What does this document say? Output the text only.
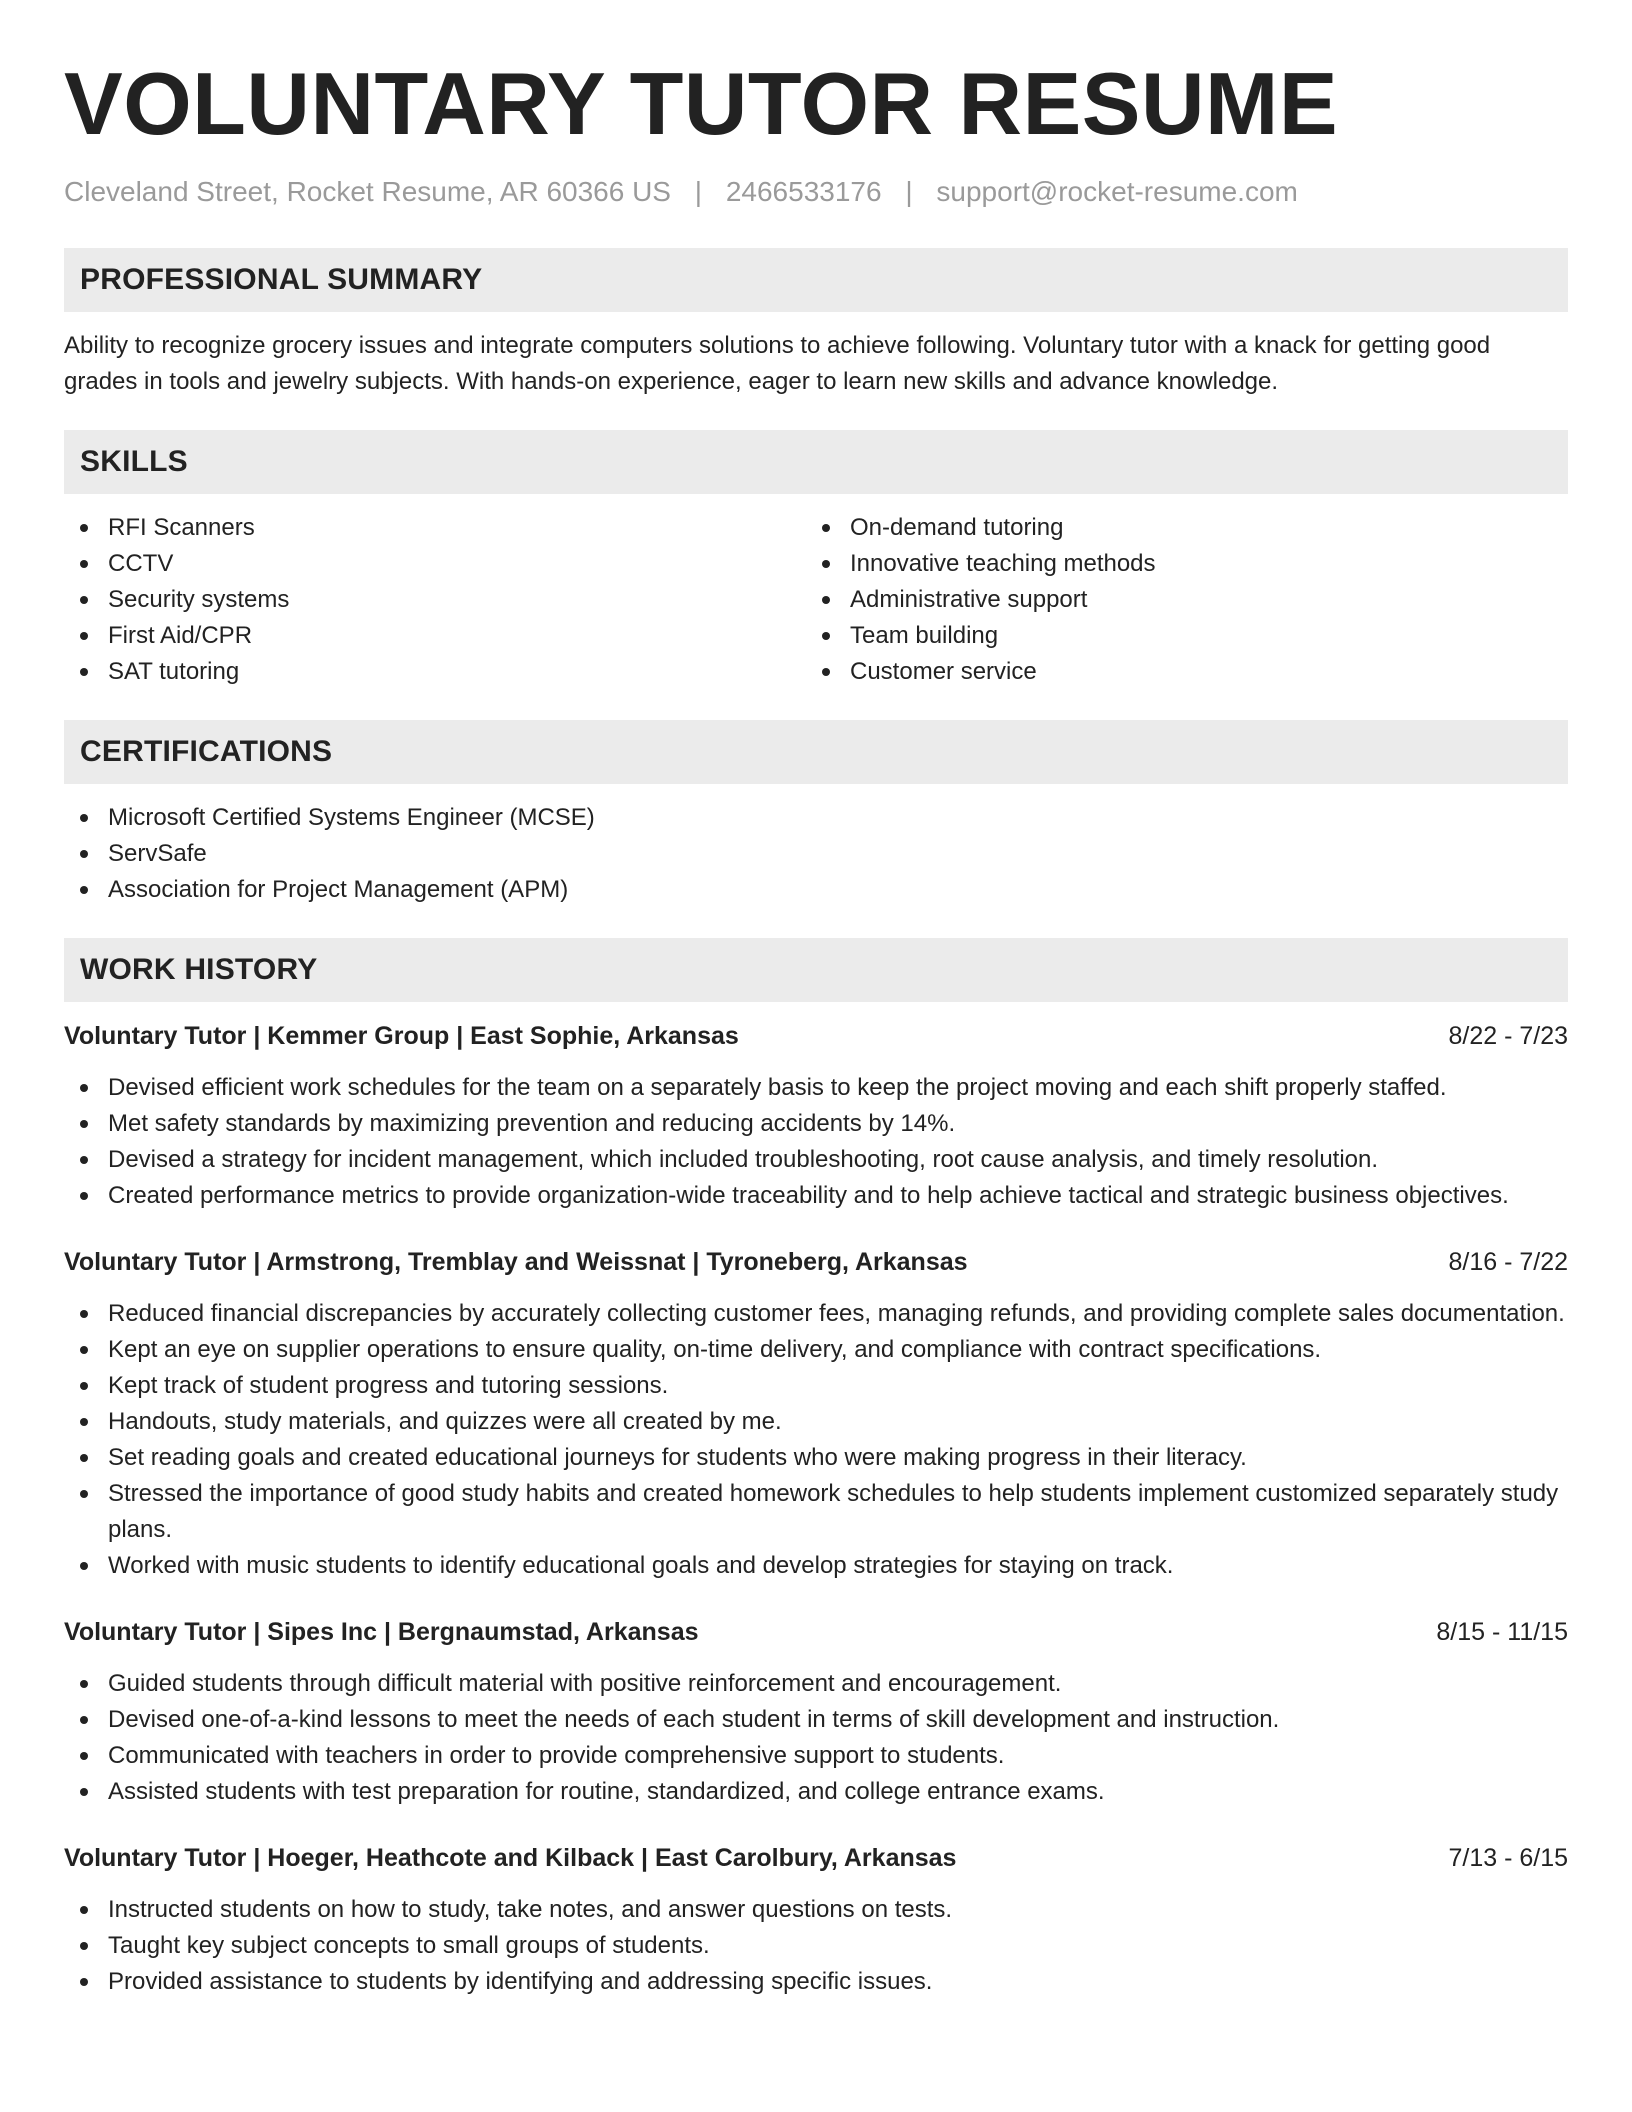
VOLUNTARY TUTOR RESUME
Cleveland Street, Rocket Resume, AR 60366 US | 2466533176 | support@rocket-resume.com
PROFESSIONAL SUMMARY

Ability to recognize grocery issues and integrate computers solutions to achieve following. Voluntary tutor with a knack for getting good grades in tools and jewelry subjects. With hands-on experience, eager to learn new skills and advance knowledge.

SKILLS
RFI Scanners
CCTV
Security systems
First Aid/CPR
SAT tutoring
On-demand tutoring
Innovative teaching methods
Administrative support
Team building
Customer service
CERTIFICATIONS
Microsoft Certified Systems Engineer (MCSE)
ServSafe
Association for Project Management (APM)
WORK HISTORY
Voluntary Tutor | Kemmer Group | East Sophie, Arkansas	8/22 - 7/23
Devised efficient work schedules for the team on a separately basis to keep the project moving and each shift properly staffed.
Met safety standards by maximizing prevention and reducing accidents by 14%.
Devised a strategy for incident management, which included troubleshooting, root cause analysis, and timely resolution.
Created performance metrics to provide organization-wide traceability and to help achieve tactical and strategic business objectives.
Voluntary Tutor | Armstrong, Tremblay and Weissnat | Tyroneberg, Arkansas	8/16 - 7/22
Reduced financial discrepancies by accurately collecting customer fees, managing refunds, and providing complete sales documentation.
Kept an eye on supplier operations to ensure quality, on-time delivery, and compliance with contract specifications.
Kept track of student progress and tutoring sessions.
Handouts, study materials, and quizzes were all created by me.
Set reading goals and created educational journeys for students who were making progress in their literacy.
Stressed the importance of good study habits and created homework schedules to help students implement customized separately study plans.
Worked with music students to identify educational goals and develop strategies for staying on track.
Voluntary Tutor | Sipes Inc | Bergnaumstad, Arkansas	8/15 - 11/15
Guided students through difficult material with positive reinforcement and encouragement.
Devised one-of-a-kind lessons to meet the needs of each student in terms of skill development and instruction.
Communicated with teachers in order to provide comprehensive support to students.
Assisted students with test preparation for routine, standardized, and college entrance exams.
Voluntary Tutor | Hoeger, Heathcote and Kilback | East Carolbury, Arkansas	7/13 - 6/15
Instructed students on how to study, take notes, and answer questions on tests.
Taught key subject concepts to small groups of students.
Provided assistance to students by identifying and addressing specific issues.
